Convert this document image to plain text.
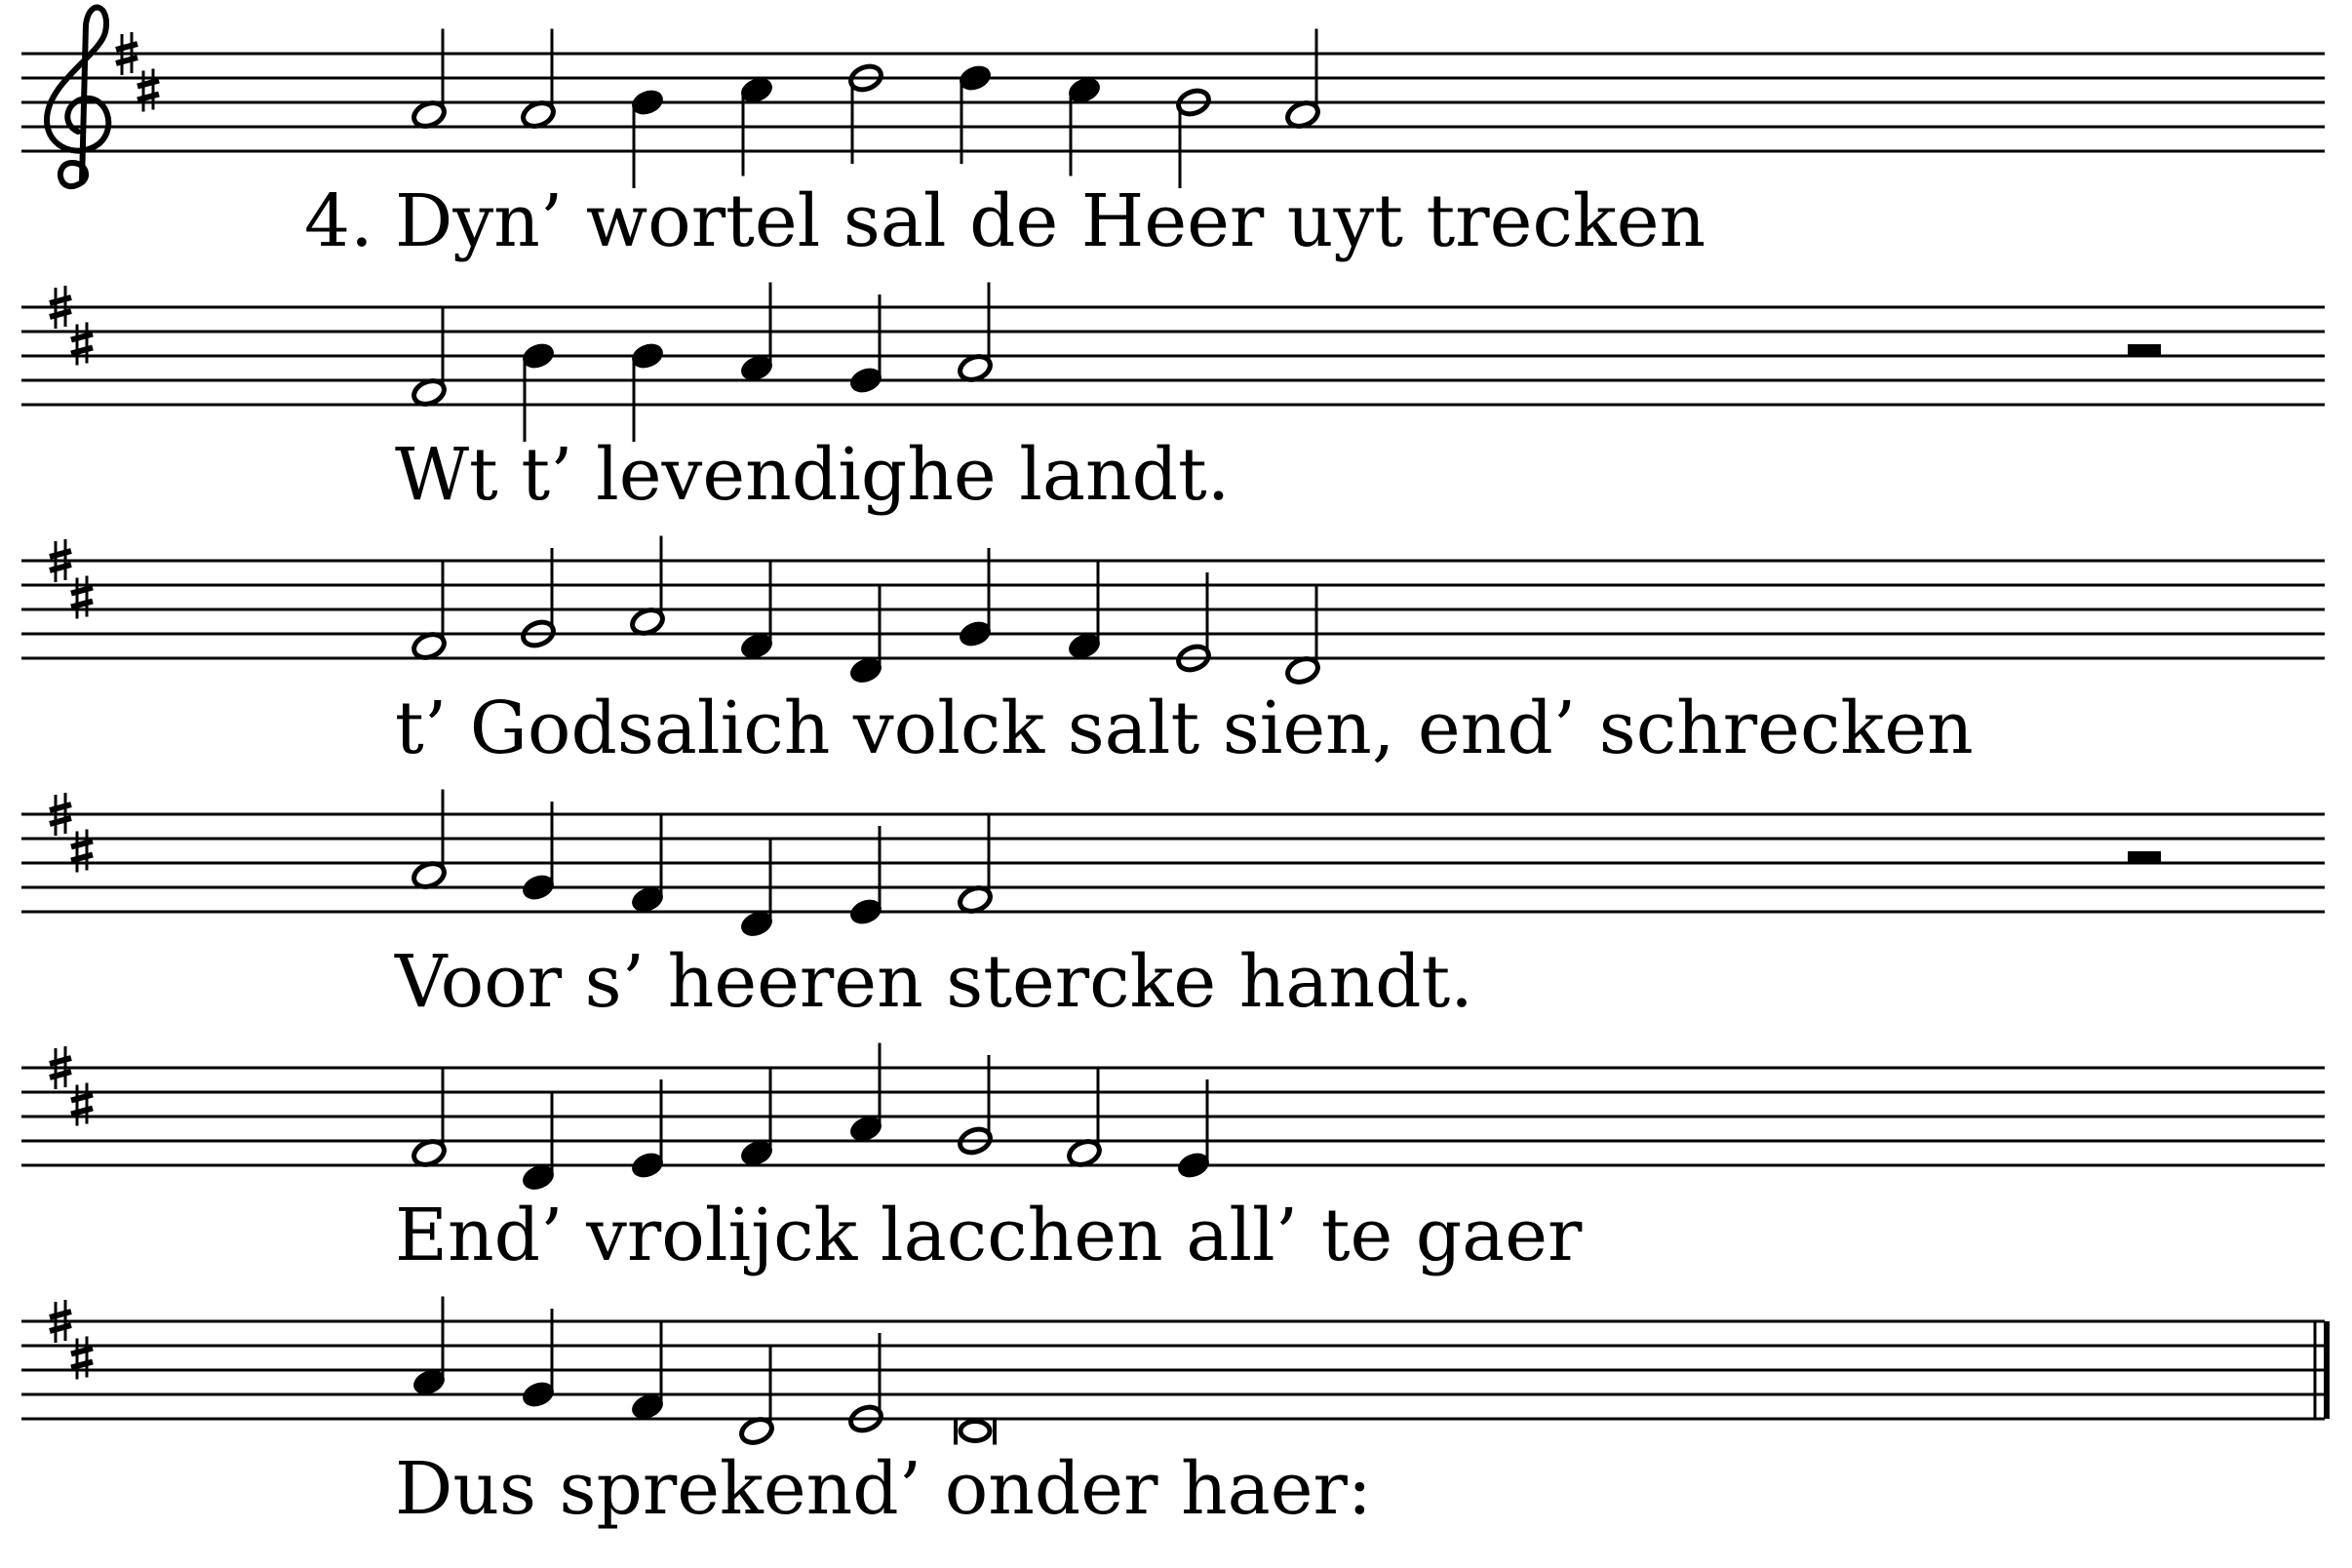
4. Dyn’ wortel sal de Heer uyt trecken
Wt t’ levendighe landt.
t’ Godsalich volck salt sien, end’ schrecken
Voor s’ heeren stercke handt.
End’ vrolijck lacchen all’ te gaer
Dus sprekend’ onder haer:
